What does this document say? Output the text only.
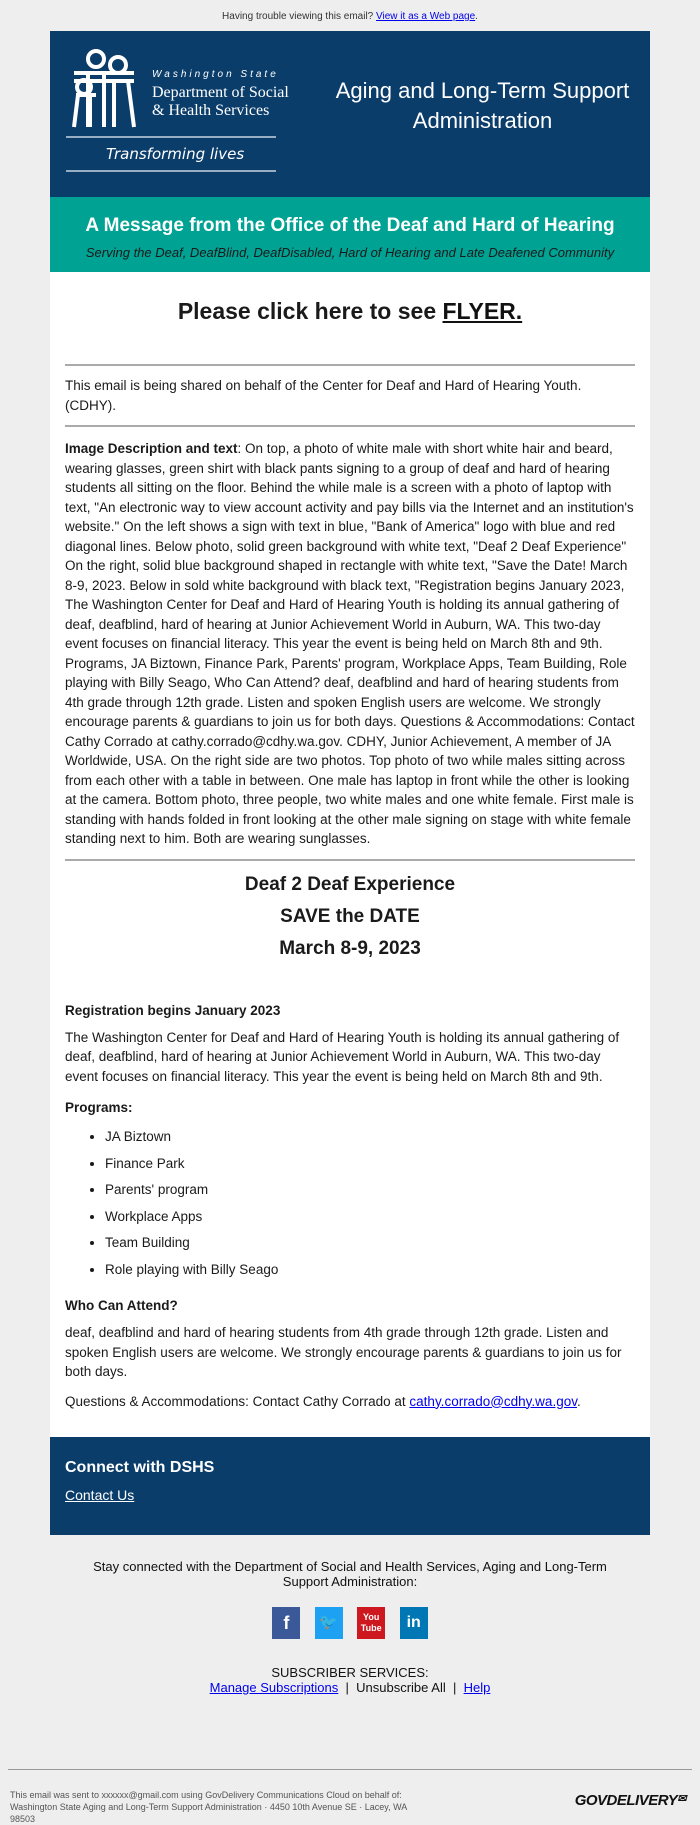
Having trouble viewing this email? View it as a Web page.
Washington State
Department of Social
& Health Services
Transforming lives
Aging and Long-Term Support Administration
A Message from the Office of the Deaf and Hard of Hearing

Serving the Deaf, DeafBlind, DeafDisabled, Hard of Hearing and Late Deafened Community

Please click here to see FLYER.

This email is being shared on behalf of the Center for Deaf and Hard of Hearing Youth. (CDHY).

Image Description and text: On top, a photo of white male with short white hair and beard, wearing glasses, green shirt with black pants signing to a group of deaf and hard of hearing students all sitting on the floor. Behind the while male is a screen with a photo of laptop with text, "An electronic way to view account activity and pay bills via the Internet and an institution's website." On the left shows a sign with text in blue, "Bank of America" logo with blue and red diagonal lines. Below photo, solid green background with white text, "Deaf 2 Deaf Experience" On the right, solid blue background shaped in rectangle with white text, "Save the Date! March 8-9, 2023. Below in sold white background with black text, "Registration begins January 2023, The Washington Center for Deaf and Hard of Hearing Youth is holding its annual gathering of deaf, deafblind, hard of hearing at Junior Achievement World in Auburn, WA. This two-day event focuses on financial literacy. This year the event is being held on March 8th and 9th. Programs, JA Biztown, Finance Park, Parents' program, Workplace Apps, Team Building, Role playing with Billy Seago, Who Can Attend? deaf, deafblind and hard of hearing students from 4th grade through 12th grade. Listen and spoken English users are welcome. We strongly encourage parents & guardians to join us for both days. Questions & Accommodations: Contact Cathy Corrado at cathy.corrado@cdhy.wa.gov. CDHY, Junior Achievement, A member of JA Worldwide, USA. On the right side are two photos. Top photo of two while males sitting across from each other with a table in between. One male has laptop in front while the other is looking at the camera. Bottom photo, three people, two white males and one white female. First male is standing with hands folded in front looking at the other male signing on stage with white female standing next to him. Both are wearing sunglasses.

Deaf 2 Deaf Experience
SAVE the DATE
March 8-9, 2023
Registration begins January 2023

The Washington Center for Deaf and Hard of Hearing Youth is holding its annual gathering of deaf, deafblind, hard of hearing at Junior Achievement World in Auburn, WA. This two-day event focuses on financial literacy. This year the event is being held on March 8th and 9th.

Programs:
• JA Biztown
• Finance Park
• Parents' program
• Workplace Apps
• Team Building
• Role playing with Billy Seago
Who Can Attend?

deaf, deafblind and hard of hearing students from 4th grade through 12th grade. Listen and spoken English users are welcome. We strongly encourage parents & guardians to join us for both days.

Questions & Accommodations: Contact Cathy Corrado at cathy.corrado@cdhy.wa.gov.

Connect with DSHS
Contact Us

Stay connected with the Department of Social and Health Services, Aging and Long-Term Support Administration:

f 🐦	You
Tube in
SUBSCRIBER SERVICES:
Manage Subscriptions | Unsubscribe All | Help

This email was sent to xxxxxx@gmail.com using GovDelivery Communications Cloud on behalf of: Washington State Aging and Long-Term Support Administration · 4450 10th Avenue SE · Lacey, WA 98503

GOVDELIVERY✉
